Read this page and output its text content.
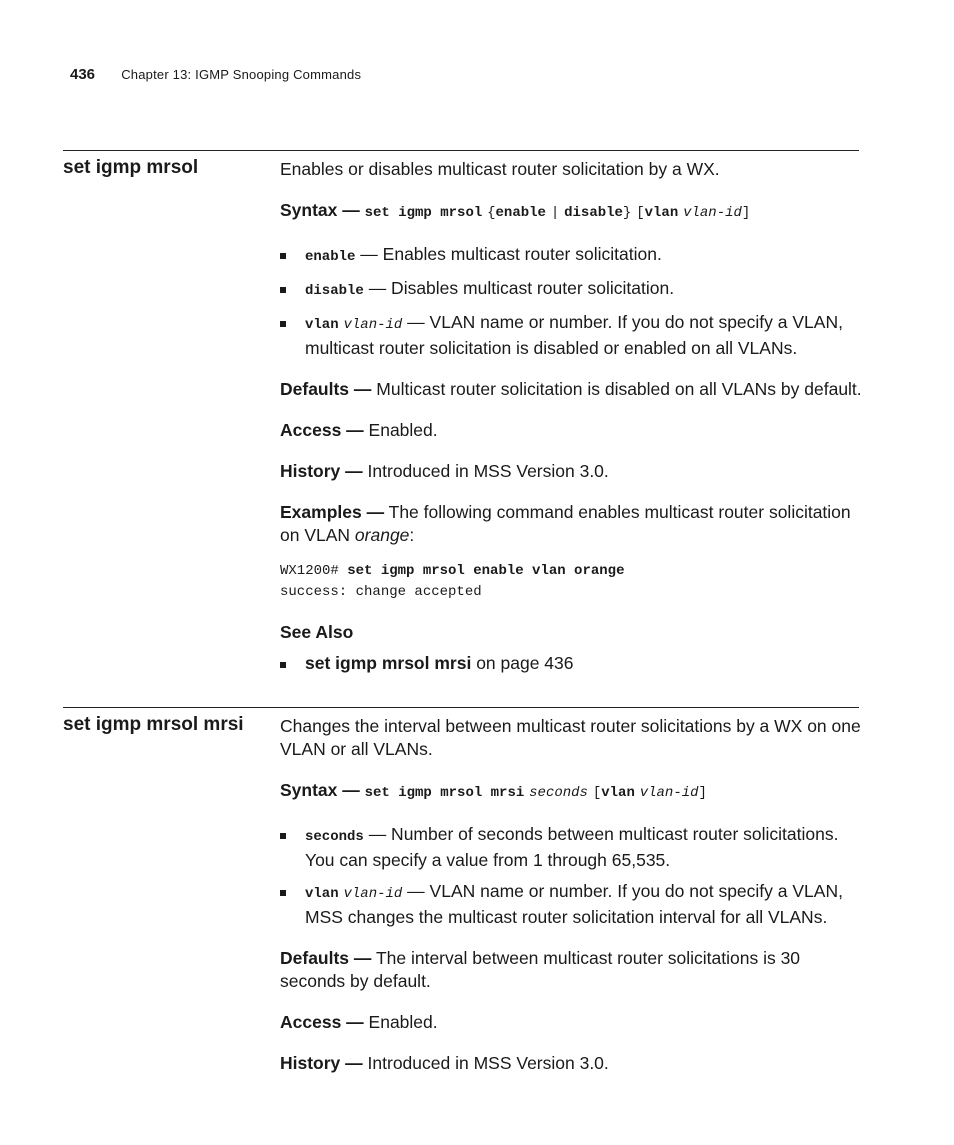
436 Chapter 13: IGMP Snooping Commands
set igmp mrsol	Enables or disables multicast router solicitation by a WX.

Syntax — set igmp mrsol {enable | disable} [vlan vlan-id]

enable — Enables multicast router solicitation.
disable — Disables multicast router solicitation.
vlan vlan-id — VLAN name or number. If you do not specify a VLAN, multicast router solicitation is disabled or enabled on all VLANs.

Defaults — Multicast router solicitation is disabled on all VLANs by default.

Access — Enabled.

History — Introduced in MSS Version 3.0.

Examples — The following command enables multicast router solicitation on VLAN orange:

WX1200# set igmp mrsol enable vlan orange
success: change accepted

See Also

set igmp mrsol mrsi on page 436
set igmp mrsol mrsi Changes the interval between multicast router solicitations by a WX on one VLAN or all VLANs.

Syntax — set igmp mrsol mrsi seconds [vlan vlan-id]

seconds — Number of seconds between multicast router solicitations. You can specify a value from 1 through 65,535.
vlan vlan-id — VLAN name or number. If you do not specify a VLAN, MSS changes the multicast router solicitation interval for all VLANs.

Defaults — The interval between multicast router solicitations is 30 seconds by default.

Access — Enabled.

History — Introduced in MSS Version 3.0.
